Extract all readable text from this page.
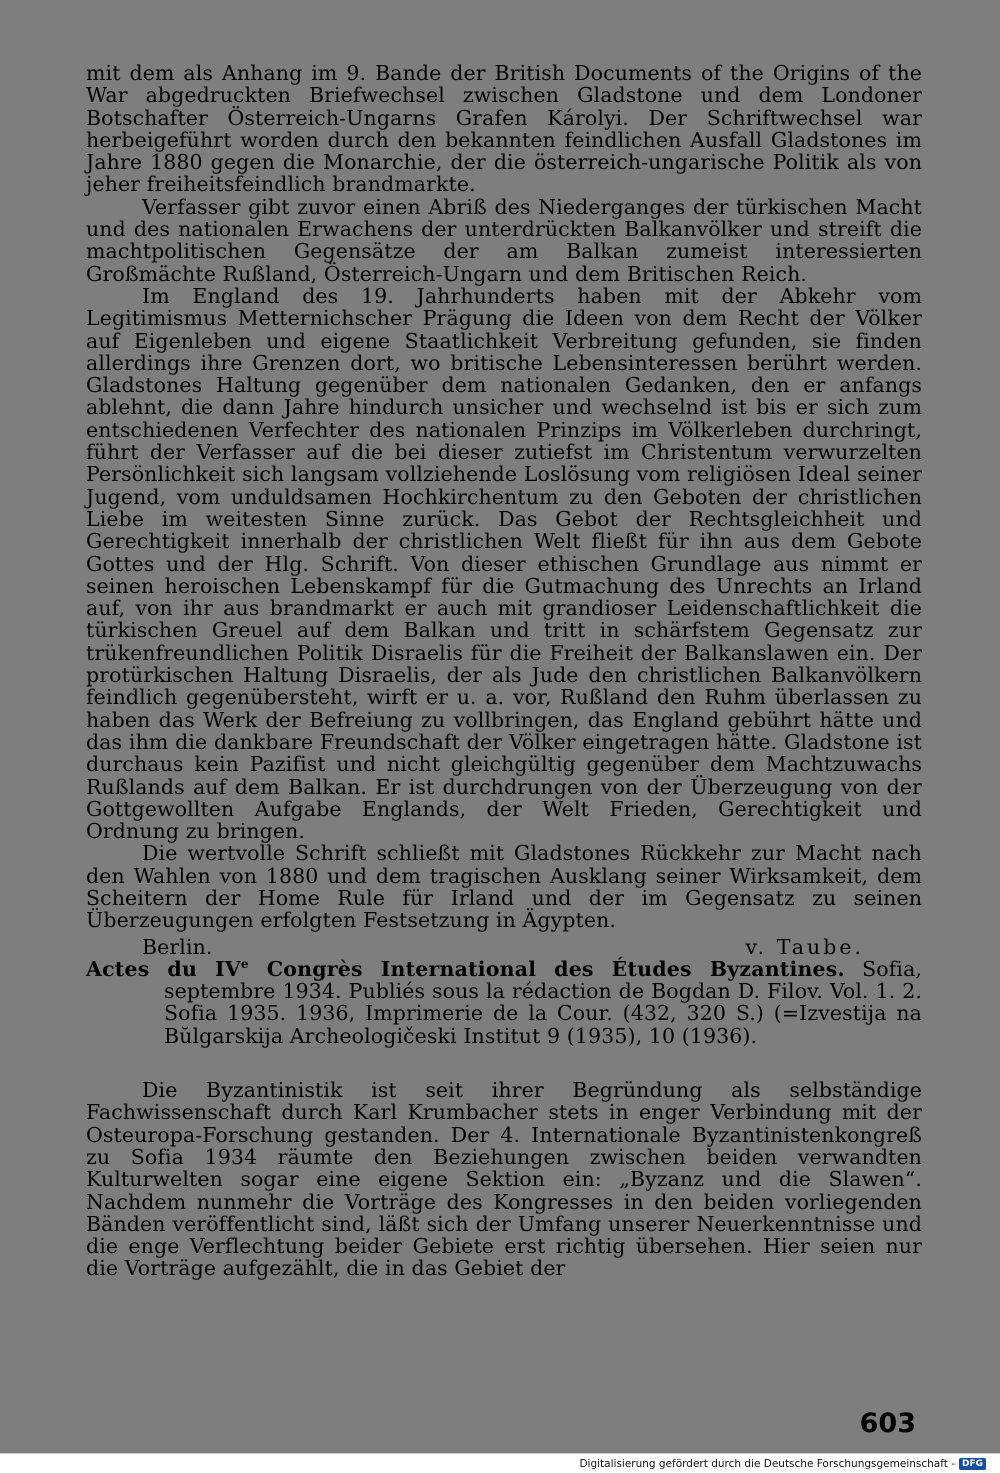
mit dem als Anhang im 9. Bande der British Documents of the Origins of the War abgedruckten Briefwechsel zwischen Gladstone und dem Londoner Botschafter Österreich-Ungarns Grafen Károlyi. Der Schriftwechsel war herbeigeführt worden durch den bekannten feindlichen Ausfall Gladstones im Jahre 1880 gegen die Monarchie, der die österreich-ungarische Politik als von jeher freiheitsfeindlich brandmarkte.

Verfasser gibt zuvor einen Abriß des Niederganges der türkischen Macht und des nationalen Erwachens der unterdrückten Balkanvölker und streift die machtpolitischen Gegensätze der am Balkan zumeist interessierten Großmächte Rußland, Österreich-Ungarn und dem Britischen Reich.

Im England des 19. Jahrhunderts haben mit der Abkehr vom Legitimismus Metternichscher Prägung die Ideen von dem Recht der Völker auf Eigenleben und eigene Staatlichkeit Verbreitung gefunden, sie finden allerdings ihre Grenzen dort, wo britische Lebensinteressen berührt werden. Gladstones Haltung gegenüber dem nationalen Gedanken, den er anfangs ablehnt, die dann Jahre hindurch unsicher und wechselnd ist bis er sich zum entschiedenen Verfechter des nationalen Prinzips im Völkerleben durchringt, führt der Verfasser auf die bei dieser zutiefst im Christentum verwurzelten Persönlichkeit sich langsam vollziehende Loslösung vom religiösen Ideal seiner Jugend, vom unduldsamen Hochkirchentum zu den Geboten der christlichen Liebe im weitesten Sinne zurück. Das Gebot der Rechtsgleichheit und Gerechtigkeit innerhalb der christlichen Welt fließt für ihn aus dem Gebote Gottes und der Hlg. Schrift. Von dieser ethischen Grundlage aus nimmt er seinen heroischen Lebenskampf für die Gutmachung des Unrechts an Irland auf, von ihr aus brandmarkt er auch mit grandioser Leidenschaftlichkeit die türkischen Greuel auf dem Balkan und tritt in schärfstem Gegensatz zur trükenfreundlichen Politik Disraelis für die Freiheit der Balkanslawen ein. Der protürkischen Haltung Disraelis, der als Jude den christlichen Balkanvölkern feindlich gegenübersteht, wirft er u. a. vor, Rußland den Ruhm überlassen zu haben das Werk der Befreiung zu vollbringen, das England gebührt hätte und das ihm die dankbare Freundschaft der Völker eingetragen hätte. Gladstone ist durchaus kein Pazifist und nicht gleichgültig gegenüber dem Machtzuwachs Rußlands auf dem Balkan. Er ist durchdrungen von der Überzeugung von der Gottgewollten Aufgabe Englands, der Welt Frieden, Gerechtigkeit und Ordnung zu bringen.

Die wertvolle Schrift schließt mit Gladstones Rückkehr zur Macht nach den Wahlen von 1880 und dem tragischen Ausklang seiner Wirksamkeit, dem Scheitern der Home Rule für Irland und der im Gegensatz zu seinen Überzeugungen erfolgten Festsetzung in Ägypten.

Berlin.	v. Taube.

Actes du IVe Congrès International des Études Byzantines. Sofia, septembre 1934. Publiés sous la rédaction de Bogdan D. Filov. Vol. 1. 2. Sofia 1935. 1936, Imprimerie de la Cour. (432, 320 S.) (=Izvestija na Bŭlgarskija Archeologičeski Institut 9 (1935), 10 (1936).

Die Byzantinistik ist seit ihrer Begründung als selbständige Fachwissenschaft durch Karl Krumbacher stets in enger Verbindung mit der Osteuropa-Forschung gestanden. Der 4. Internationale Byzantinistenkongreß zu Sofia 1934 räumte den Beziehungen zwischen beiden verwandten Kulturwelten sogar eine eigene Sektion ein: „Byzanz und die Slawen“. Nachdem nunmehr die Vorträge des Kongresses in den beiden vorliegenden Bänden veröffentlicht sind, läßt sich der Umfang unserer Neuerkenntnisse und die enge Verflechtung beider Gebiete erst richtig übersehen. Hier seien nur die Vorträge aufgezählt, die in das Gebiet der

603
Digitalisierung gefördert durch die Deutsche Forschungsgemeinschaft - DFG
